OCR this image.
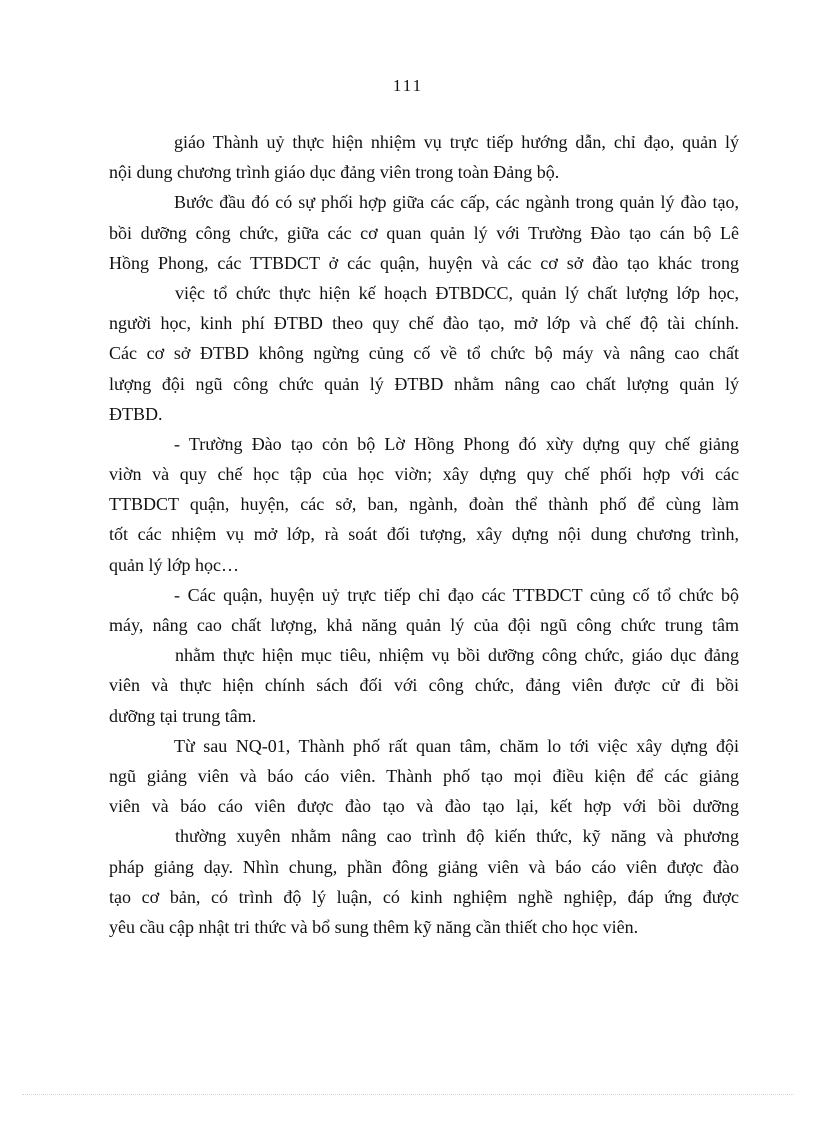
111
giáo Thành uỷ thực hiện nhiệm vụ trực tiếp hướng dẫn, chỉ đạo, quản lý
nội dung chương trình giáo dục đảng viên trong toàn Đảng bộ.
Bước đầu đó có sự phối hợp giữa các cấp, các ngành trong quản lý đào tạo,
bồi dưỡng công chức, giữa các cơ quan quản lý với Trường Đào tạo cán bộ Lê
Hồng Phong, các TTBDCT ở các quận, huyện và các cơ sở đào tạo khác trong
việc tổ chức thực hiện kế hoạch ĐTBDCC, quản lý chất lượng lớp học,
người học, kinh phí ĐTBD theo quy chế đào tạo, mở lớp và chế độ tài chính.
Các cơ sở ĐTBD không ngừng củng cố về tổ chức bộ máy và nâng cao chất
lượng đội ngũ công chức quản lý ĐTBD nhằm nâng cao chất lượng quản lý
ĐTBD.
- Trường Đào tạo cỏn bộ Lờ Hồng Phong đó xừy dựng quy chế giảng
viờn và quy chế học tập của học viờn; xây dựng quy chế phối hợp với các
TTBDCT quận, huyện, các sở, ban, ngành, đoàn thể thành phố để cùng làm
tốt các nhiệm vụ mở lớp, rà soát đối tượng, xây dựng nội dung chương trình,
quản lý lớp học…
- Các quận, huyện uỷ trực tiếp chỉ đạo các TTBDCT củng cố tổ chức bộ
máy, nâng cao chất lượng, khả năng quản lý của đội ngũ công chức trung tâm
nhằm thực hiện mục tiêu, nhiệm vụ bồi dưỡng công chức, giáo dục đảng
viên và thực hiện chính sách đối với công chức, đảng viên được cử đi bồi
dưỡng tại trung tâm.
Từ sau NQ-01, Thành phố rất quan tâm, chăm lo tới việc xây dựng đội
ngũ giảng viên và báo cáo viên. Thành phố tạo mọi điều kiện để các giảng
viên và báo cáo viên được đào tạo và đào tạo lại, kết hợp với bồi dưỡng
thường xuyên nhằm nâng cao trình độ kiến thức, kỹ năng và phương
pháp giảng dạy. Nhìn chung, phần đông giảng viên và báo cáo viên được đào
tạo cơ bản, có trình độ lý luận, có kinh nghiệm nghề nghiệp, đáp ứng được
yêu cầu cập nhật tri thức và bổ sung thêm kỹ năng cần thiết cho học viên.
